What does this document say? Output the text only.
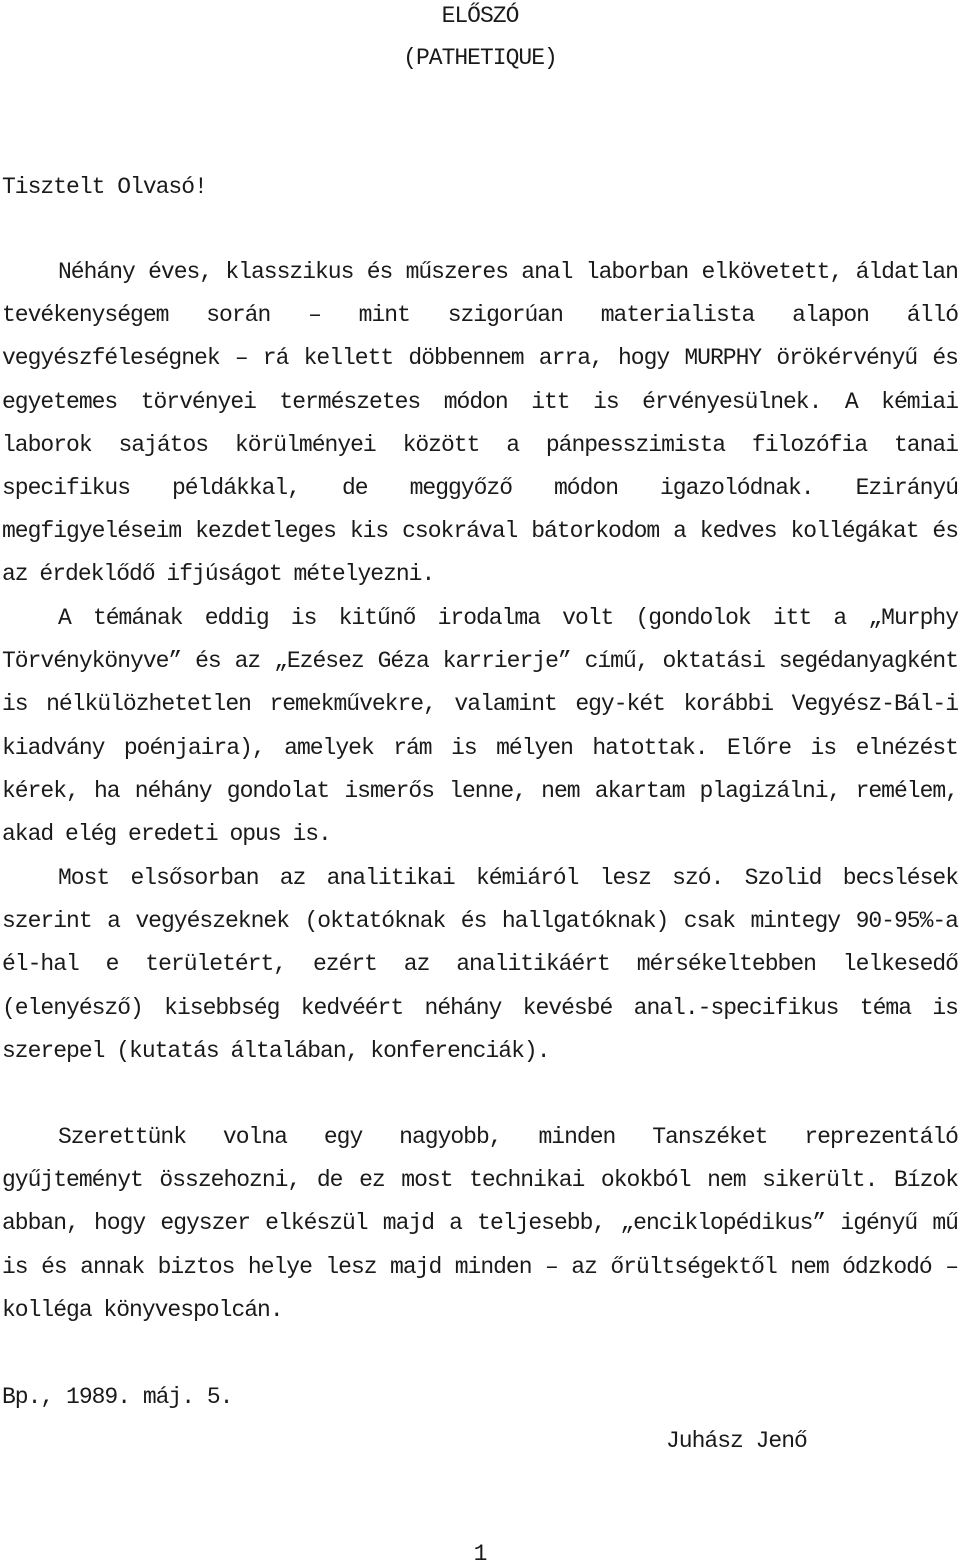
ELŐSZÓ
(PATHETIQUE)
Tisztelt Olvasó!

Néhány éves, klasszikus és műszeres anal laborban elkövetett, áldatlan tevékenységem során – mint szigorúan materialista alapon álló vegyészféleségnek – rá kellett döbbennem arra, hogy MURPHY örökérvényű és egyetemes törvényei természetes módon itt is érvényesülnek. A kémiai laborok sajátos körülményei között a pánpesszimista filozófia tanai specifikus példákkal, de meggyőző módon igazolódnak. Ezirányú megfigyeléseim kezdetleges kis csokrával bátorkodom a kedves kollégákat és az érdeklődő ifjúságot mételyezni.

A témának eddig is kitűnő irodalma volt (gondolok itt a „Murphy Törvénykönyve” és az „Ezésez Géza karrierje” című, oktatási segédanyagként is nélkülözhetetlen remekművekre, valamint egy-két korábbi Vegyész-Bál-i kiadvány poénjaira), amelyek rám is mélyen hatottak. Előre is elnézést kérek, ha néhány gondolat ismerős lenne, nem akartam plagizálni, remélem, akad elég eredeti opus is.

Most elsősorban az analitikai kémiáról lesz szó. Szolid becslések szerint a vegyészeknek (oktatóknak és hallgatóknak) csak mintegy 90-95%-a él-hal e területért, ezért az analitikáért mérsékeltebben lelkesedő (elenyésző) kisebbség kedvéért néhány kevésbé anal.-specifikus téma is szerepel (kutatás általában, konferenciák).

Szerettünk volna egy nagyobb, minden Tanszéket reprezentáló gyűjteményt összehozni, de ez most technikai okokból nem sikerült. Bízok abban, hogy egyszer elkészül majd a teljesebb, „enciklopédikus” igényű mű is és annak biztos helye lesz majd minden – az őrültségektől nem ódzkodó – kolléga könyvespolcán.

Bp., 1989. máj. 5.
Juhász Jenő
1
